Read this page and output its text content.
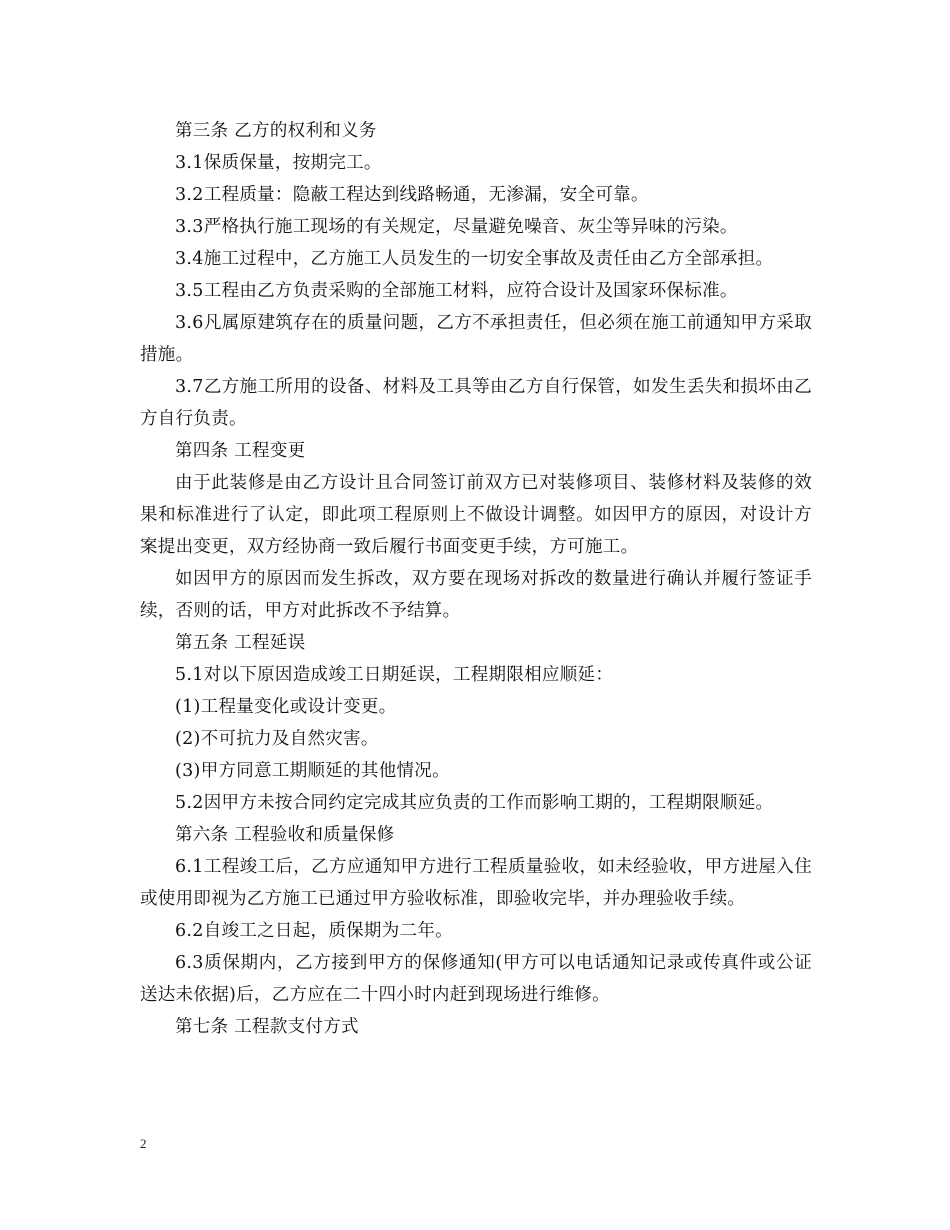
第三条 乙方的权利和义务

3.1保质保量，按期完工。

3.2工程质量：隐蔽工程达到线路畅通，无渗漏，安全可靠。

3.3严格执行施工现场的有关规定，尽量避免噪音、灰尘等异味的污染。

3.4施工过程中，乙方施工人员发生的一切安全事故及责任由乙方全部承担。

3.5工程由乙方负责采购的全部施工材料，应符合设计及国家环保标准。

3.6凡属原建筑存在的质量问题，乙方不承担责任，但必须在施工前通知甲方采取措施。

3.7乙方施工所用的设备、材料及工具等由乙方自行保管，如发生丢失和损坏由乙方自行负责。

第四条 工程变更

由于此装修是由乙方设计且合同签订前双方已对装修项目、装修材料及装修的效果和标准进行了认定，即此项工程原则上不做设计调整。如因甲方的原因，对设计方案提出变更，双方经协商一致后履行书面变更手续，方可施工。

如因甲方的原因而发生拆改，双方要在现场对拆改的数量进行确认并履行签证手续，否则的话，甲方对此拆改不予结算。

第五条 工程延误

5.1对以下原因造成竣工日期延误，工程期限相应顺延：

(1)工程量变化或设计变更。

(2)不可抗力及自然灾害。

(3)甲方同意工期顺延的其他情况。

5.2因甲方未按合同约定完成其应负责的工作而影响工期的，工程期限顺延。

第六条 工程验收和质量保修

6.1工程竣工后，乙方应通知甲方进行工程质量验收，如未经验收，甲方进屋入住或使用即视为乙方施工已通过甲方验收标准，即验收完毕，并办理验收手续。

6.2自竣工之日起，质保期为二年。

6.3质保期内，乙方接到甲方的保修通知(甲方可以电话通知记录或传真件或公证送达未依据)后，乙方应在二十四小时内赶到现场进行维修。

第七条 工程款支付方式

2
